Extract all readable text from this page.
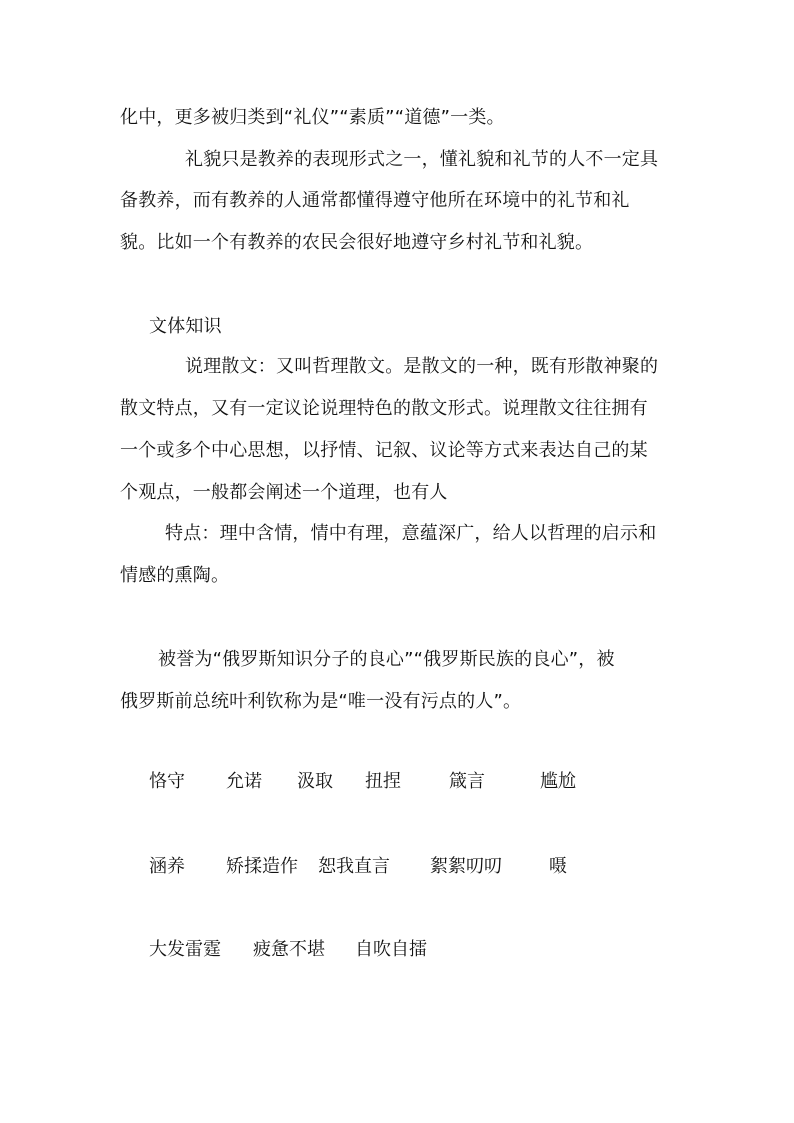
化中，更多被归类到“礼仪”“素质”“道德”一类。
礼貌只是教养的表现形式之一，懂礼貌和礼节的人不一定具
备教养，而有教养的人通常都懂得遵守他所在环境中的礼节和礼
貌。比如一个有教养的农民会很好地遵守乡村礼节和礼貌。
文体知识
说理散文：又叫哲理散文。是散文的一种，既有形散神聚的
散文特点，又有一定议论说理特色的散文形式。说理散文往往拥有
一个或多个中心思想，以抒情、记叙、议论等方式来表达自己的某
个观点，一般都会阐述一个道理，也有人
特点：理中含情，情中有理，意蕴深广，给人以哲理的启示和
情感的熏陶。
被誉为“俄罗斯知识分子的良心”“俄罗斯民族的良心”，被
俄罗斯前总统叶利钦称为是“唯一没有污点的人”。
恪守 允诺 汲取 扭捏	箴言	尴尬
涵养 矫揉造作 恕我直言 絮絮叨叨	嗫
大发雷霆 疲惫不堪 自吹自擂
